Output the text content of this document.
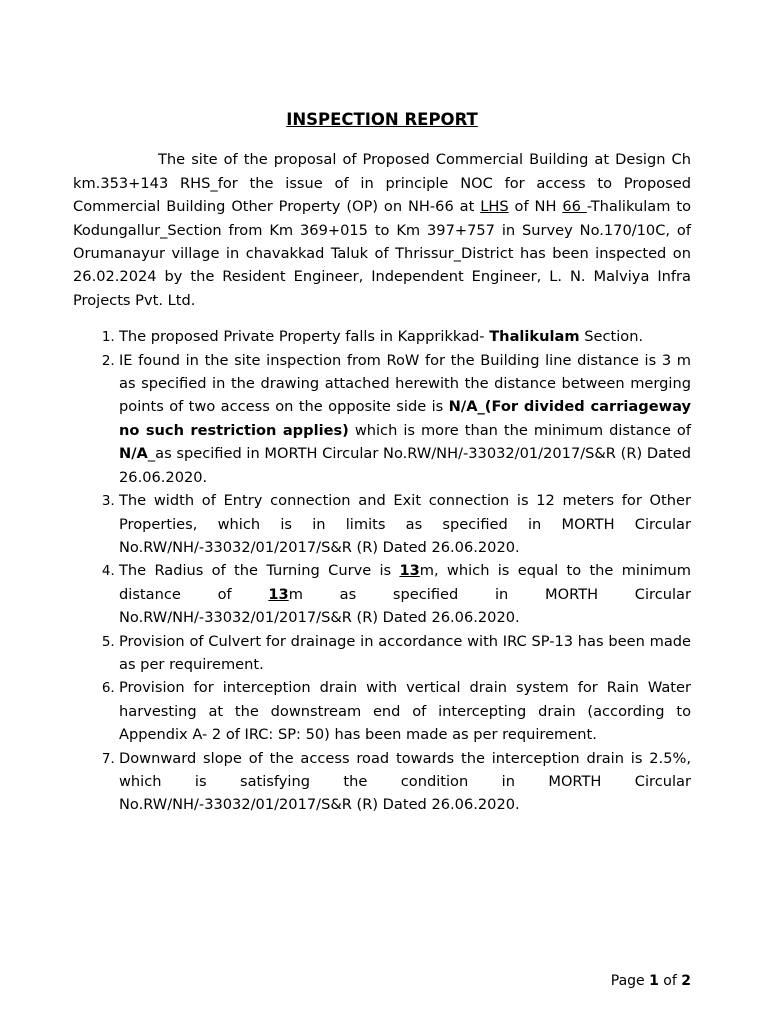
INSPECTION REPORT

The site of the proposal of Proposed Commercial Building at Design Ch km.353+143 RHS_for the issue of in principle NOC for access to Proposed Commercial Building Other Property (OP) on NH-66 at LHS of NH 66 -Thalikulam to Kodungallur_Section from Km 369+015 to Km 397+757 in Survey No.170/10C, of Orumanayur village in chavakkad Taluk of Thrissur_District has been inspected on 26.02.2024 by the Resident Engineer, Independent Engineer, L. N. Malviya Infra Projects Pvt. Ltd.

1. The proposed Private Property falls in Kapprikkad- Thalikulam Section.
2. IE found in the site inspection from RoW for the Building line distance is 3 m as specified in the drawing attached herewith the distance between merging points of two access on the opposite side is N/A_(For divided carriageway no such restriction applies) which is more than the minimum distance of N/A_as specified in MORTH Circular No.RW/NH/-33032/01/2017/S&R (R) Dated 26.06.2020.
3. The width of Entry connection and Exit connection is 12 meters for Other Properties, which is in limits as specified in MORTH Circular No.RW/NH/-33032/01/2017/S&R (R) Dated 26.06.2020.
4. The Radius of the Turning Curve is 13m, which is equal to the minimum distance of 13m as specified in MORTH Circular No.RW/NH/-33032/01/2017/S&R (R) Dated 26.06.2020.
5. Provision of Culvert for drainage in accordance with IRC SP-13 has been made as per requirement.
6. Provision for interception drain with vertical drain system for Rain Water harvesting at the downstream end of intercepting drain (according to Appendix A- 2 of IRC: SP: 50) has been made as per requirement.
7. Downward slope of the access road towards the interception drain is 2.5%, which is satisfying the condition in MORTH Circular No.RW/NH/-33032/01/2017/S&R (R) Dated 26.06.2020.
Page 1 of 2
